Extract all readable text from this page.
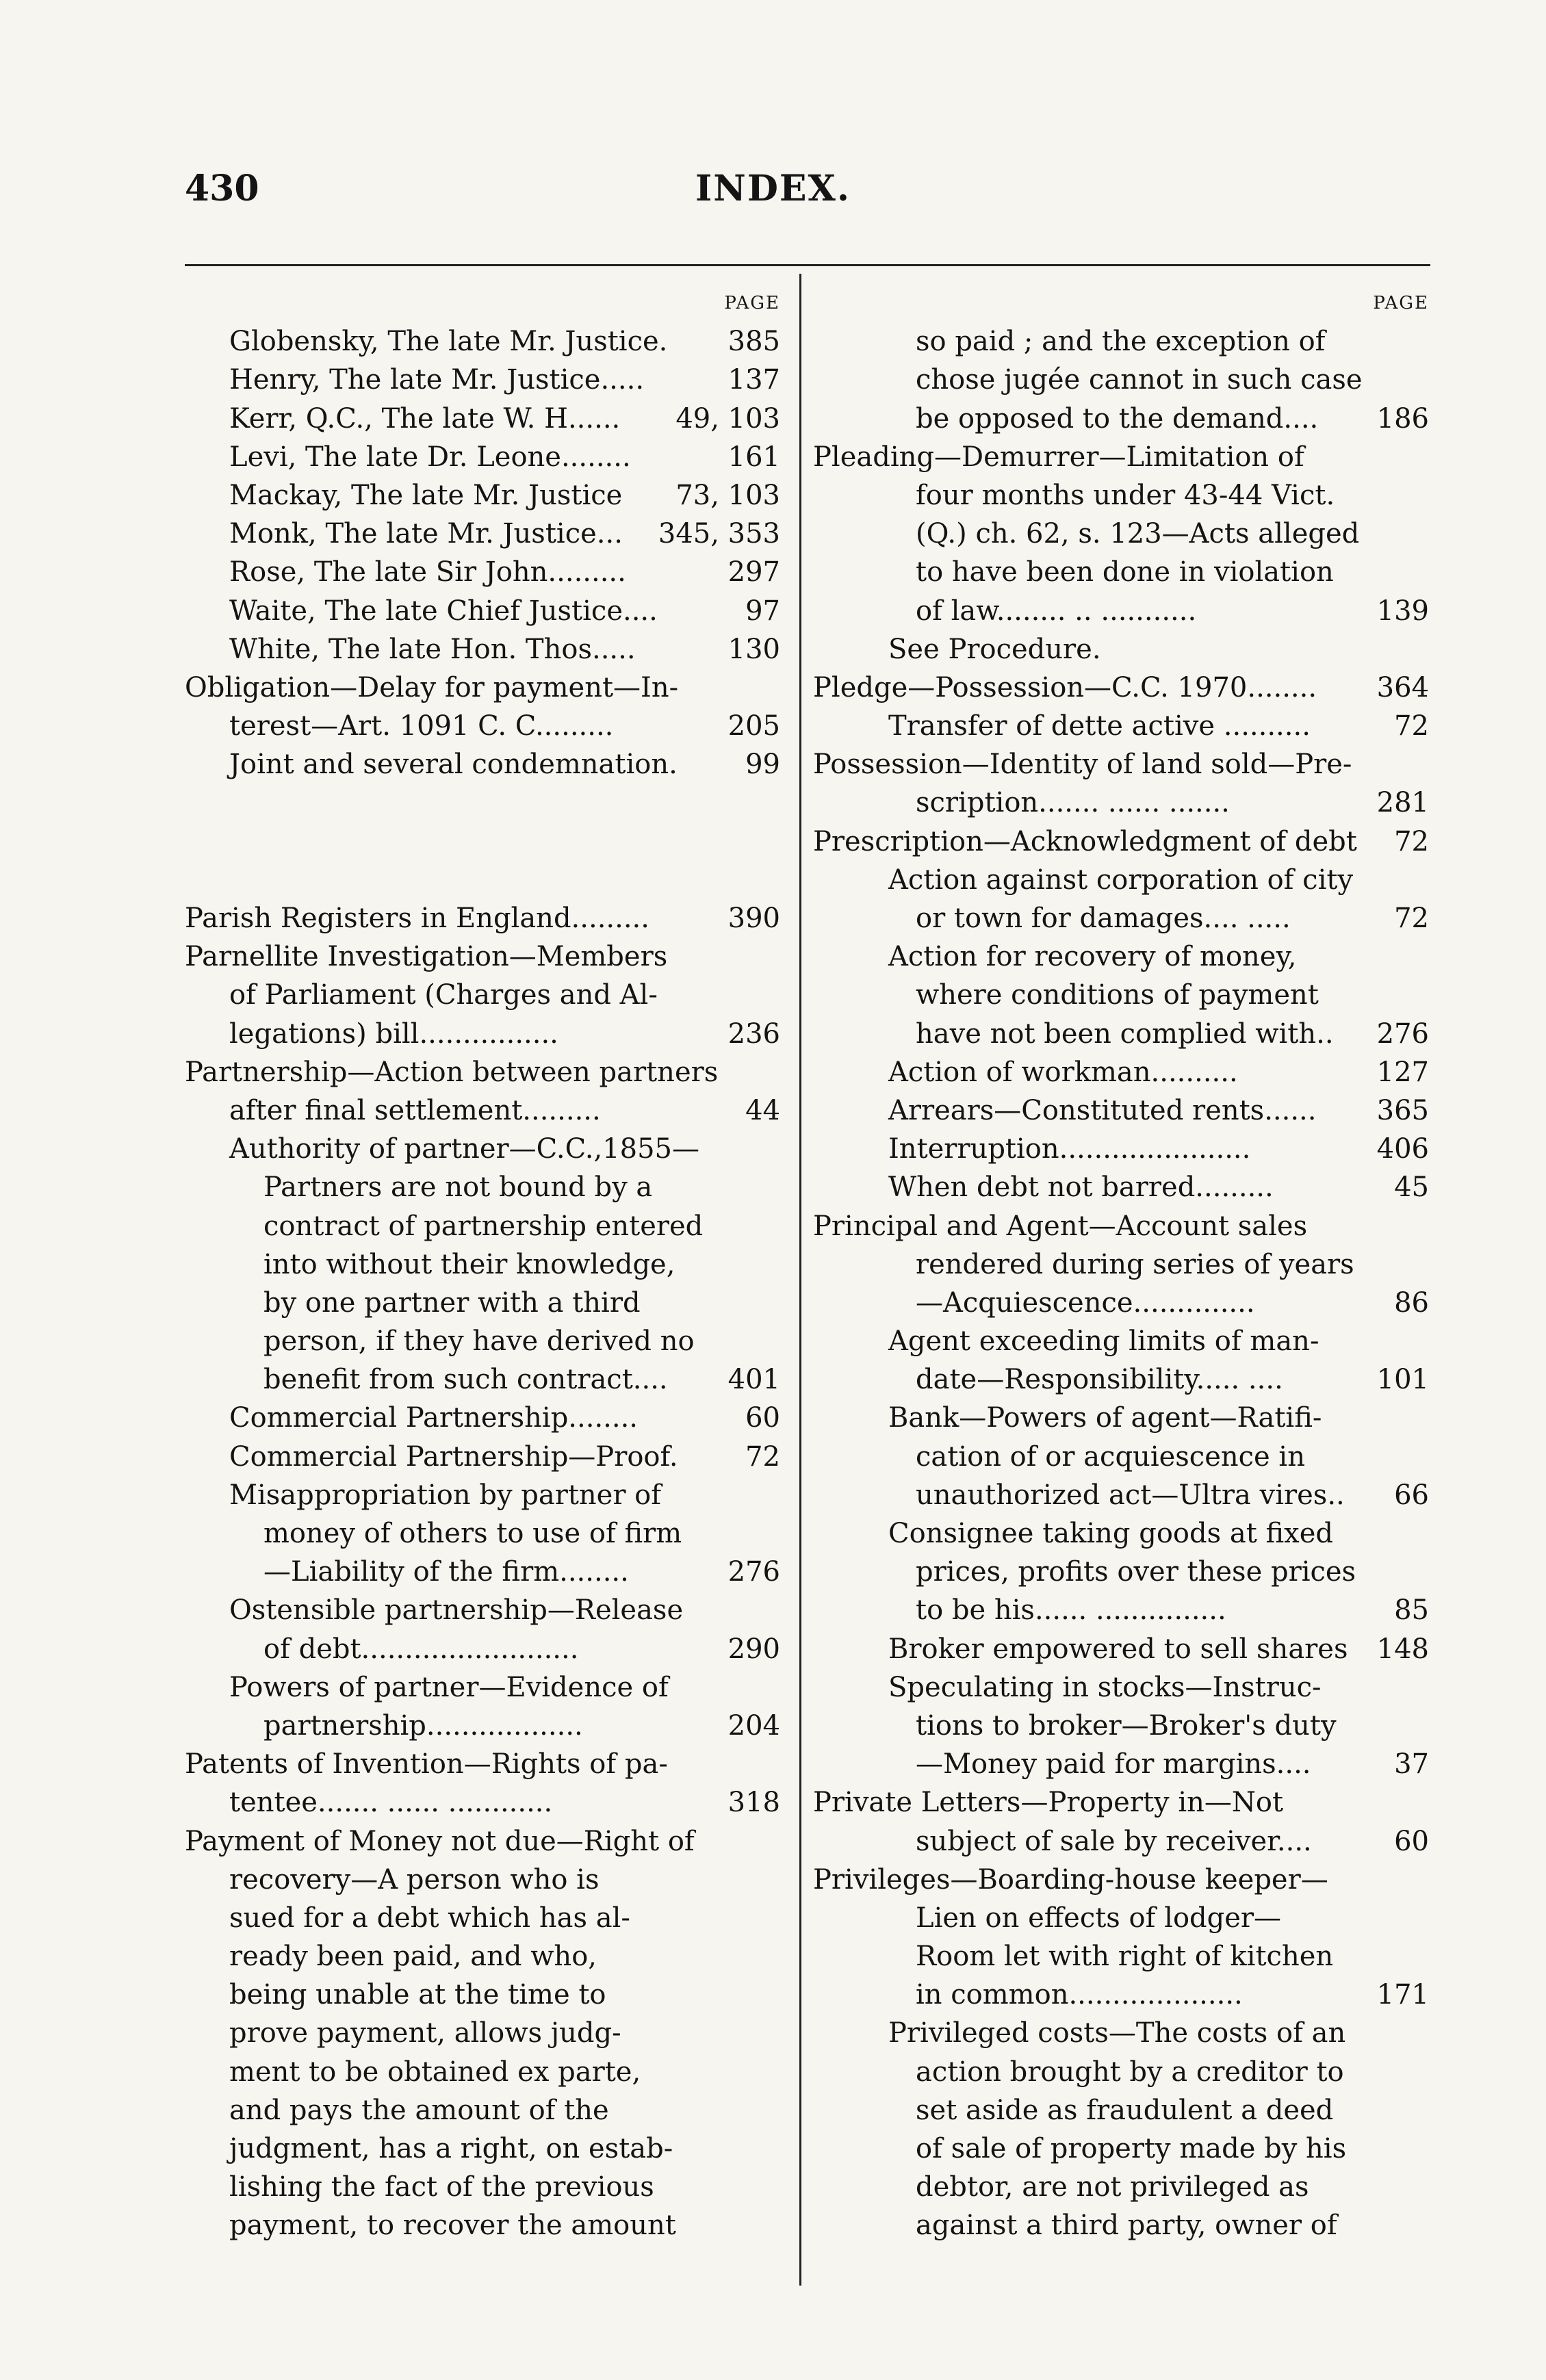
430	INDEX.
PAGE
Globensky, The late Mr. Justice. 385
Henry, The late Mr. Justice.....	137
Kerr, Q.C., The late W. H...... 49, 103
Levi, The late Dr. Leone........	161
Mackay, The late Mr. Justice 73, 103
Monk, The late Mr. Justice... 345, 353
Rose, The late Sir John.........	297
Waite, The late Chief Justice....	97
White, The late Hon. Thos.....	130
Obligation—Delay for payment—In-
terest—Art. 1091 C. C.........	205
Joint and several condemnation. 99
Parish Registers in England.........	390
Parnellite Investigation—Members
of Parliament (Charges and Al-
legations) bill................	236
Partnership—Action between partners
after final settlement.........	44
Authority of partner—C.C.,1855—
Partners are not bound by a
contract of partnership entered
into without their knowledge,
by one partner with a third
person, if they have derived no
benefit from such contract.... 401
Commercial Partnership........	60
Commercial Partnership—Proof. 72
Misappropriation by partner of
money of others to use of firm
—Liability of the firm........	276
Ostensible partnership—Release
of debt.........................	290
Powers of partner—Evidence of
partnership..................	204
Patents of Invention—Rights of pa-
tentee....... ...... ............	318
Payment of Money not due—Right of
recovery—A person who is
sued for a debt which has al-
ready been paid, and who,
being unable at the time to
prove payment, allows judg-
ment to be obtained ex parte,
and pays the amount of the
judgment, has a right, on estab-
lishing the fact of the previous
payment, to recover the amount
PAGE
so paid ; and the exception of
chose jugée cannot in such case
be opposed to the demand.... 186
Pleading—Demurrer—Limitation of
four months under 43-44 Vict.
(Q.) ch. 62, s. 123—Acts alleged
to have been done in violation
of law........ .. ...........	139
See Procedure.
Pledge—Possession—C.C. 1970........ 364
Transfer of dette active ..........	72
Possession—Identity of land sold—Pre-
scription....... ...... .......	281
Prescription—Acknowledgment of debt 72
Action against corporation of city
or town for damages.... .....	72
Action for recovery of money,
where conditions of payment
have not been complied with.. 276
Action of workman..........	127
Arrears—Constituted rents...... 365
Interruption......................	406
When debt not barred.........	45
Principal and Agent—Account sales
rendered during series of years
—Acquiescence..............	86
Agent exceeding limits of man-
date—Responsibility..... ....	101
Bank—Powers of agent—Ratifi-
cation of or acquiescence in
unauthorized act—Ultra vires.. 66
Consignee taking goods at fixed
prices, profits over these prices
to be his...... ...............	85
Broker empowered to sell shares 148
Speculating in stocks—Instruc-
tions to broker—Broker's duty
—Money paid for margins....	37
Private Letters—Property in—Not
subject of sale by receiver....	60
Privileges—Boarding-house keeper—
Lien on effects of lodger—
Room let with right of kitchen
in common....................	171
Privileged costs—The costs of an
action brought by a creditor to
set aside as fraudulent a deed
of sale of property made by his
debtor, are not privileged as
against a third party, owner of
